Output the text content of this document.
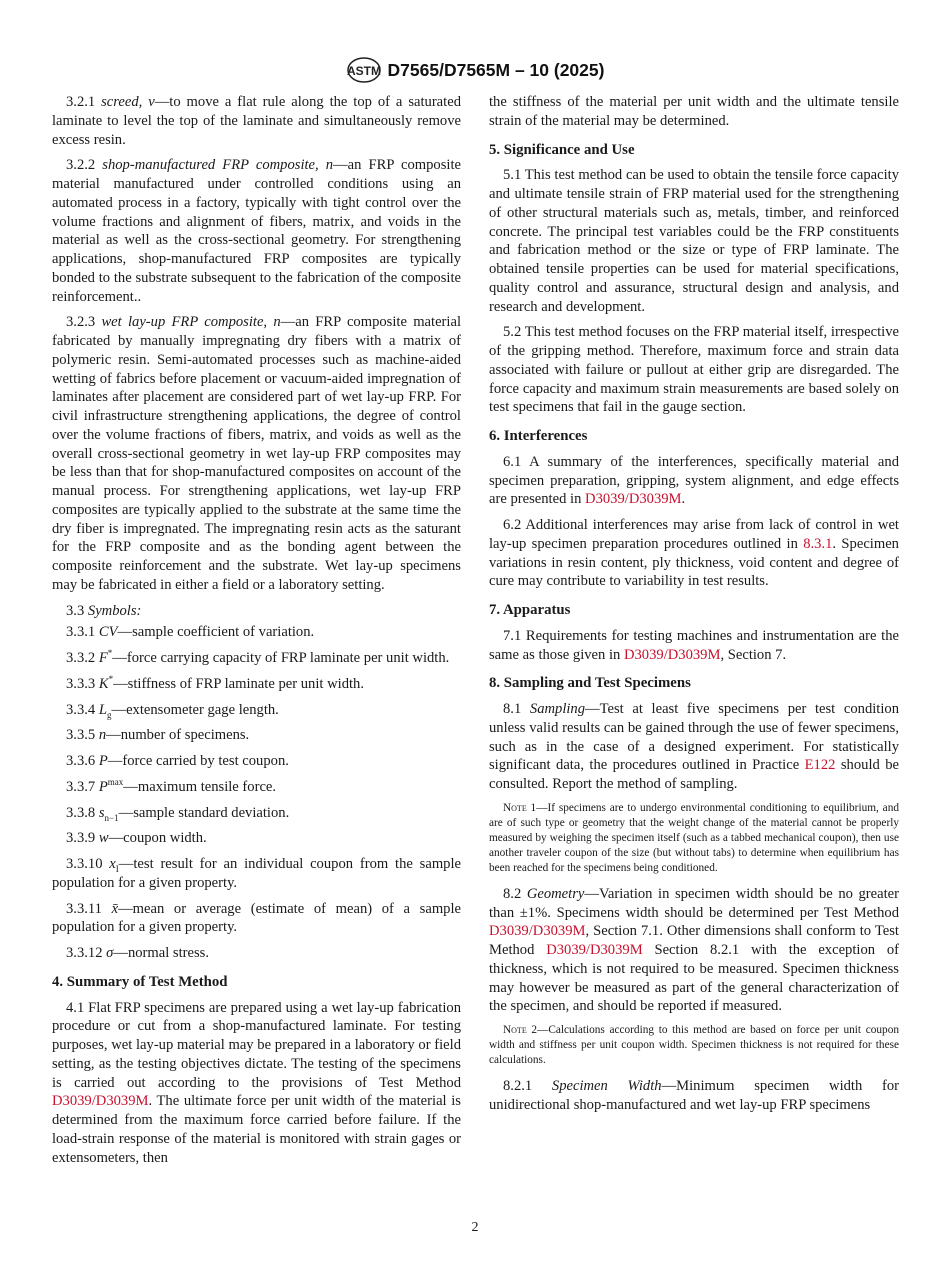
ASTM D7565/D7565M – 10 (2025)
3.2.1 screed, v—to move a flat rule along the top of a saturated laminate to level the top of the laminate and simultaneously remove excess resin.
3.2.2 shop-manufactured FRP composite, n—an FRP composite material manufactured under controlled conditions using an automated process in a factory, typically with tight control over the volume fractions and alignment of fibers, matrix, and voids in the material as well as the cross-sectional geometry. For strengthening applications, shop-manufactured FRP composites are typically bonded to the substrate subsequent to the fabrication of the composite reinforcement..
3.2.3 wet lay-up FRP composite, n—an FRP composite material fabricated by manually impregnating dry fibers with a matrix of polymeric resin. Semi-automated processes such as machine-aided wetting of fabrics before placement or vacuum-aided impregnation of laminates after placement are considered part of wet lay-up FRP. For civil infrastructure strengthening applications, the degree of control over the volume fractions of fibers, matrix, and voids as well as the overall cross-sectional geometry in wet lay-up FRP composites may be less than that for shop-manufactured composites on account of the manual process. For strengthening applications, wet lay-up FRP composites are typically applied to the substrate at the same time the dry fiber is impregnated. The impregnating resin acts as the saturant for the FRP composite and as the bonding agent between the composite reinforcement and the substrate. Wet lay-up specimens may be fabricated in either a field or a laboratory setting.
3.3 Symbols:
3.3.1 CV—sample coefficient of variation.
3.3.2 F*—force carrying capacity of FRP laminate per unit width.
3.3.3 K*—stiffness of FRP laminate per unit width.
3.3.4 $L_g—extensometer$ gage length.
3.3.5 n—number of specimens.
3.3.6 P—force carried by test coupon.
3.3.7 $P^{max}—maximum$ tensile force.
3.3.8 $s_{n-1}—sample$ standard deviation.
3.3.9 w—coupon width.
3.3.10 $x_I—test$ result for an individual coupon from the sample population for a given property.
3.3.11 x̄—mean or average (estimate of mean) of a sample population for a given property.
3.3.12 σ—normal stress.
4. Summary of Test Method
4.1 Flat FRP specimens are prepared using a wet lay-up fabrication procedure or cut from a shop-manufactured laminate. For testing purposes, wet lay-up material may be prepared in a laboratory or field setting, as the testing objectives dictate. The testing of the specimens is carried out according to the provisions of Test Method D3039/D3039M. The ultimate force per unit width of the material is determined from the maximum force carried before failure. If the load-strain response of the material is monitored with strain gages or extensometers, then
the stiffness of the material per unit width and the ultimate tensile strain of the material may be determined.
5. Significance and Use
5.1 This test method can be used to obtain the tensile force capacity and ultimate tensile strain of FRP material used for the strengthening of other structural materials such as, metals, timber, and reinforced concrete. The principal test variables could be the FRP constituents and fabrication method or the size or type of FRP laminate. The obtained tensile properties can be used for material specifications, quality control and assurance, structural design and analysis, and research and development.
5.2 This test method focuses on the FRP material itself, irrespective of the gripping method. Therefore, maximum force and strain data associated with failure or pullout at either grip are disregarded. The force capacity and maximum strain measurements are based solely on test specimens that fail in the gauge section.
6. Interferences
6.1 A summary of the interferences, specifically material and specimen preparation, gripping, system alignment, and edge effects are presented in D3039/D3039M.
6.2 Additional interferences may arise from lack of control in wet lay-up specimen preparation procedures outlined in 8.3.1. Specimen variations in resin content, ply thickness, void content and degree of cure may contribute to variability in test results.
7. Apparatus
7.1 Requirements for testing machines and instrumentation are the same as those given in D3039/D3039M, Section 7.
8. Sampling and Test Specimens
8.1 Sampling—Test at least five specimens per test condition unless valid results can be gained through the use of fewer specimens, such as in the case of a designed experiment. For statistically significant data, the procedures outlined in Practice E122 should be consulted. Report the method of sampling.
Note 1—If specimens are to undergo environmental conditioning to equilibrium, and are of such type or geometry that the weight change of the material cannot be properly measured by weighing the specimen itself (such as a tabbed mechanical coupon), then use another traveler coupon of the size (but without tabs) to determine when equilibrium has been reached for the specimens being conditioned.
8.2 Geometry—Variation in specimen width should be no greater than ±1%. Specimens width should be determined per Test Method D3039/D3039M, Section 7.1. Other dimensions shall conform to Test Method D3039/D3039M Section 8.2.1 with the exception of thickness, which is not required to be measured. Specimen thickness may however be measured as part of the general characterization of the specimen, and should be reported if measured.
Note 2—Calculations according to this method are based on force per unit coupon width and stiffness per unit coupon width. Specimen thickness is not required for these calculations.
8.2.1 Specimen Width—Minimum specimen width for unidirectional shop-manufactured and wet lay-up FRP specimens
2
